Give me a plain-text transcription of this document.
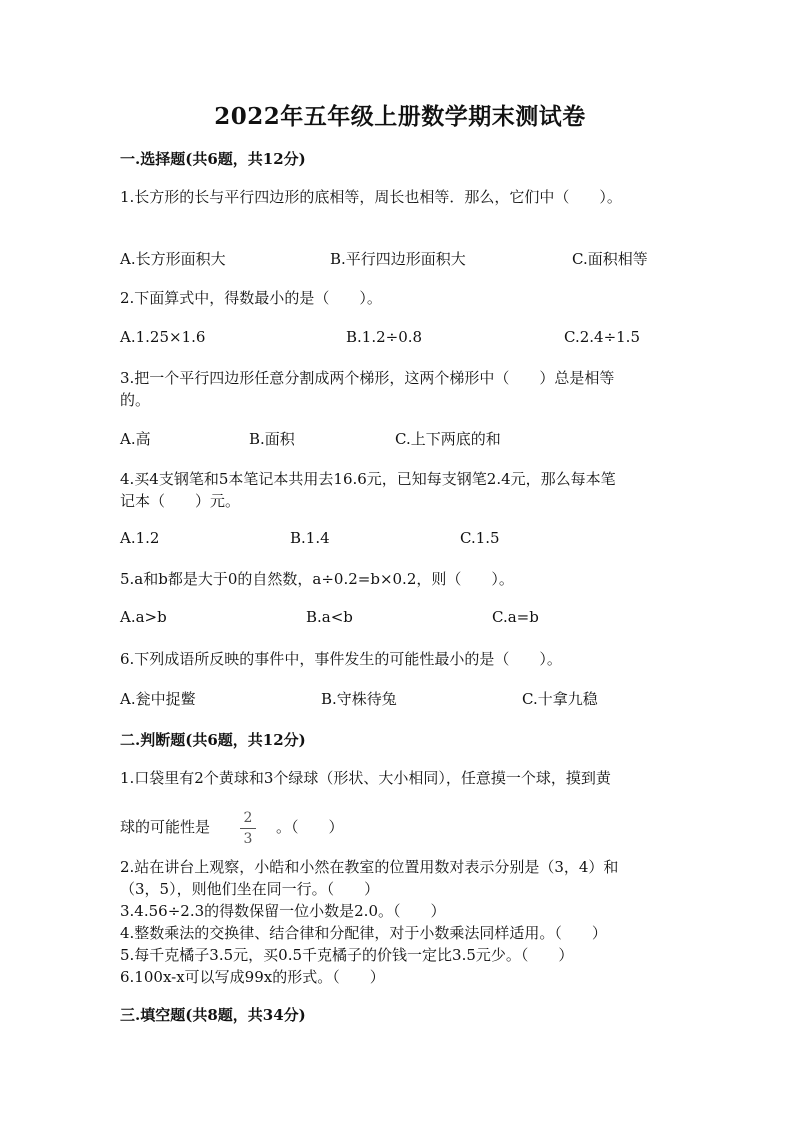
2022年五年级上册数学期末测试卷
一.选择题(共6题，共12分)
1.长方形的长与平行四边形的底相等，周长也相等．那么，它们中（　　）。
A.长方形面积大	B.平行四边形面积大	C.面积相等
2.下面算式中，得数最小的是（　　）。
A.1.25×1.6	B.1.2÷0.8	C.2.4÷1.5
3.把一个平行四边形任意分割成两个梯形，这两个梯形中（　　）总是相等
的。
A.高	B.面积	C.上下两底的和
4.买4支钢笔和5本笔记本共用去16.6元，已知每支钢笔2.4元，那么每本笔
记本（　　）元。
A.1.2	B.1.4	C.1.5
5.a和b都是大于0的自然数，a÷0.2=b×0.2，则（　　）。
A.a>b	B.a<b	C.a=b
6.下列成语所反映的事件中，事件发生的可能性最小的是（　　）。
A.瓮中捉鳖	B.守株待兔	C.十拿九稳
二.判断题(共6题，共12分)
1.口袋里有2个黄球和3个绿球（形状、大小相同），任意摸一个球，摸到黄
球的可能性是 $\frac{2}{3}$ 。（　　）
2.站在讲台上观察，小皓和小然在教室的位置用数对表示分别是（3，4）和
（3，5），则他们坐在同一行。（　　）
3.4.56÷2.3的得数保留一位小数是2.0。（　　）
4.整数乘法的交换律、结合律和分配律，对于小数乘法同样适用。（　　）
5.每千克橘子3.5元，买0.5千克橘子的价钱一定比3.5元少。（　　）
6.100x-x可以写成99x的形式。（　　）
三.填空题(共8题，共34分)
